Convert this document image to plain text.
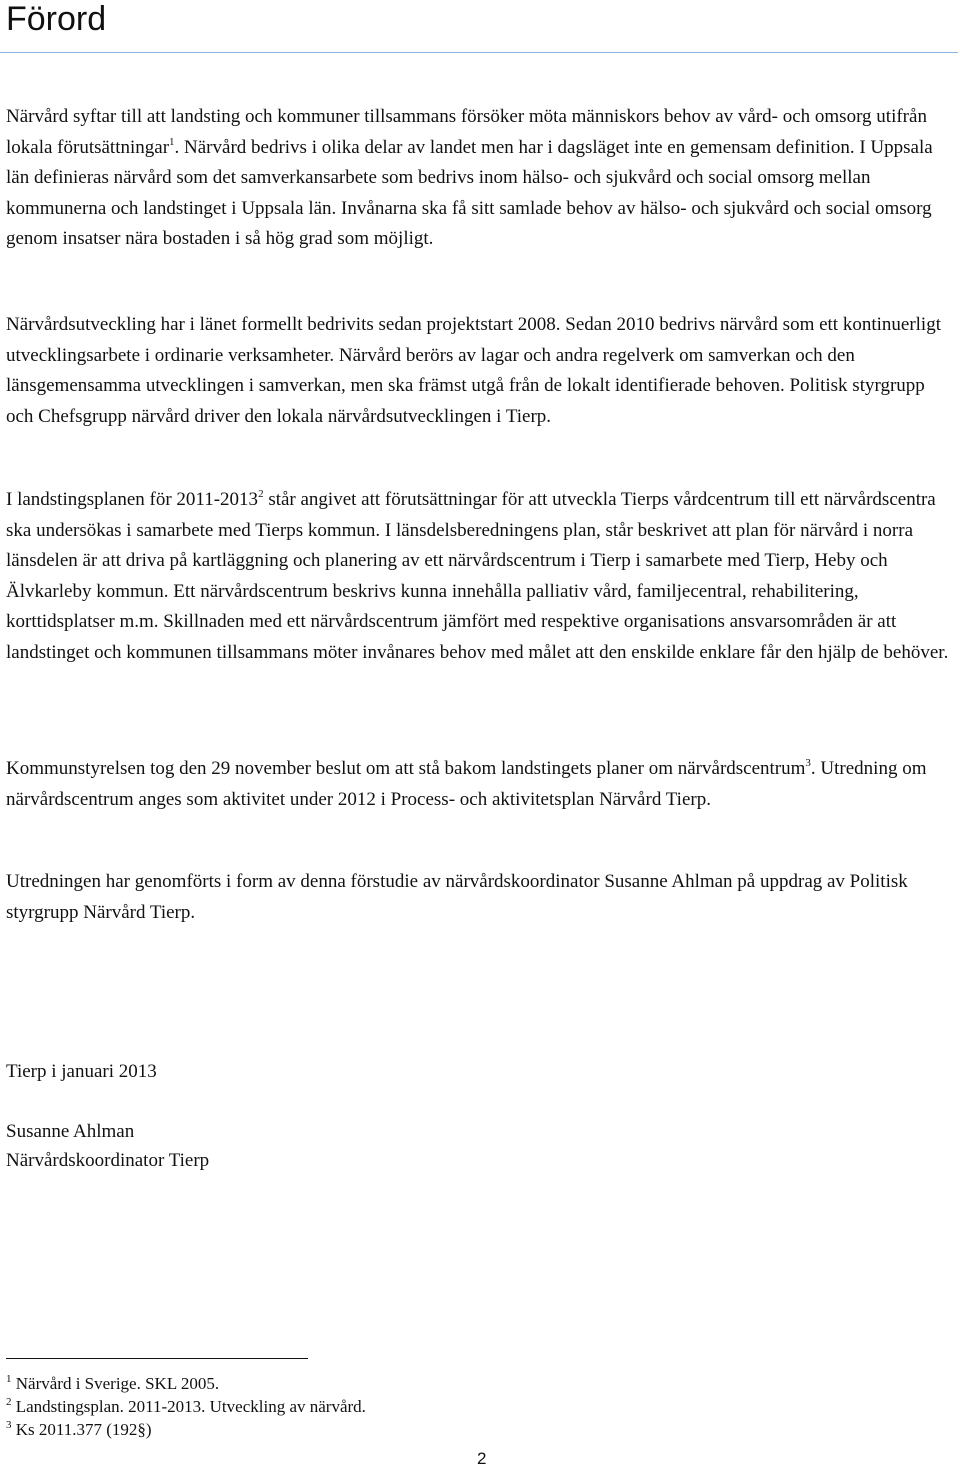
Förord

Närvård syftar till att landsting och kommuner tillsammans försöker möta människors behov av vård- och omsorg utifrån lokala förutsättningar$^1$. Närvård bedrivs i olika delar av landet men har i dagsläget inte en gemensam definition. I Uppsala län definieras närvård som det samverkansarbete som bedrivs inom hälso- och sjukvård och social omsorg mellan kommunerna och landstinget i Uppsala län. Invånarna ska få sitt samlade behov av hälso- och sjukvård och social omsorg genom insatser nära bostaden i så hög grad som möjligt.

Närvårdsutveckling har i länet formellt bedrivits sedan projektstart 2008. Sedan 2010 bedrivs närvård som ett kontinuerligt utvecklingsarbete i ordinarie verksamheter. Närvård berörs av lagar och andra regelverk om samverkan och den länsgemensamma utvecklingen i samverkan, men ska främst utgå från de lokalt identifierade behoven. Politisk styrgrupp och Chefsgrupp närvård driver den lokala närvårdsutvecklingen i Tierp.

I landstingsplanen för 2011-2013$^2$ står angivet att förutsättningar för att utveckla Tierps vårdcentrum till ett närvårdscentra ska undersökas i samarbete med Tierps kommun. I länsdelsberedningens plan, står beskrivet att plan för närvård i norra länsdelen är att driva på kartläggning och planering av ett närvårdscentrum i Tierp i samarbete med Tierp, Heby och Älvkarleby kommun. Ett närvårdscentrum beskrivs kunna innehålla palliativ vård, familjecentral, rehabilitering, korttidsplatser m.m. Skillnaden med ett närvårdscentrum jämfört med respektive organisations ansvarsområden är att landstinget och kommunen tillsammans möter invånares behov med målet att den enskilde enklare får den hjälp de behöver.

Kommunstyrelsen tog den 29 november beslut om att stå bakom landstingets planer om närvårdscentrum$^3$. Utredning om närvårdscentrum anges som aktivitet under 2012 i Process- och aktivitetsplan Närvård Tierp.

Utredningen har genomförts i form av denna förstudie av närvårdskoordinator Susanne Ahlman på uppdrag av Politisk styrgrupp Närvård Tierp.

Tierp i januari 2013

Susanne Ahlman

Närvårdskoordinator Tierp

$^1$ Närvård i Sverige. SKL 2005.

$^2$ Landstingsplan. 2011-2013. Utveckling av närvård.

$^3$ Ks 2011.377 (192§)

2
